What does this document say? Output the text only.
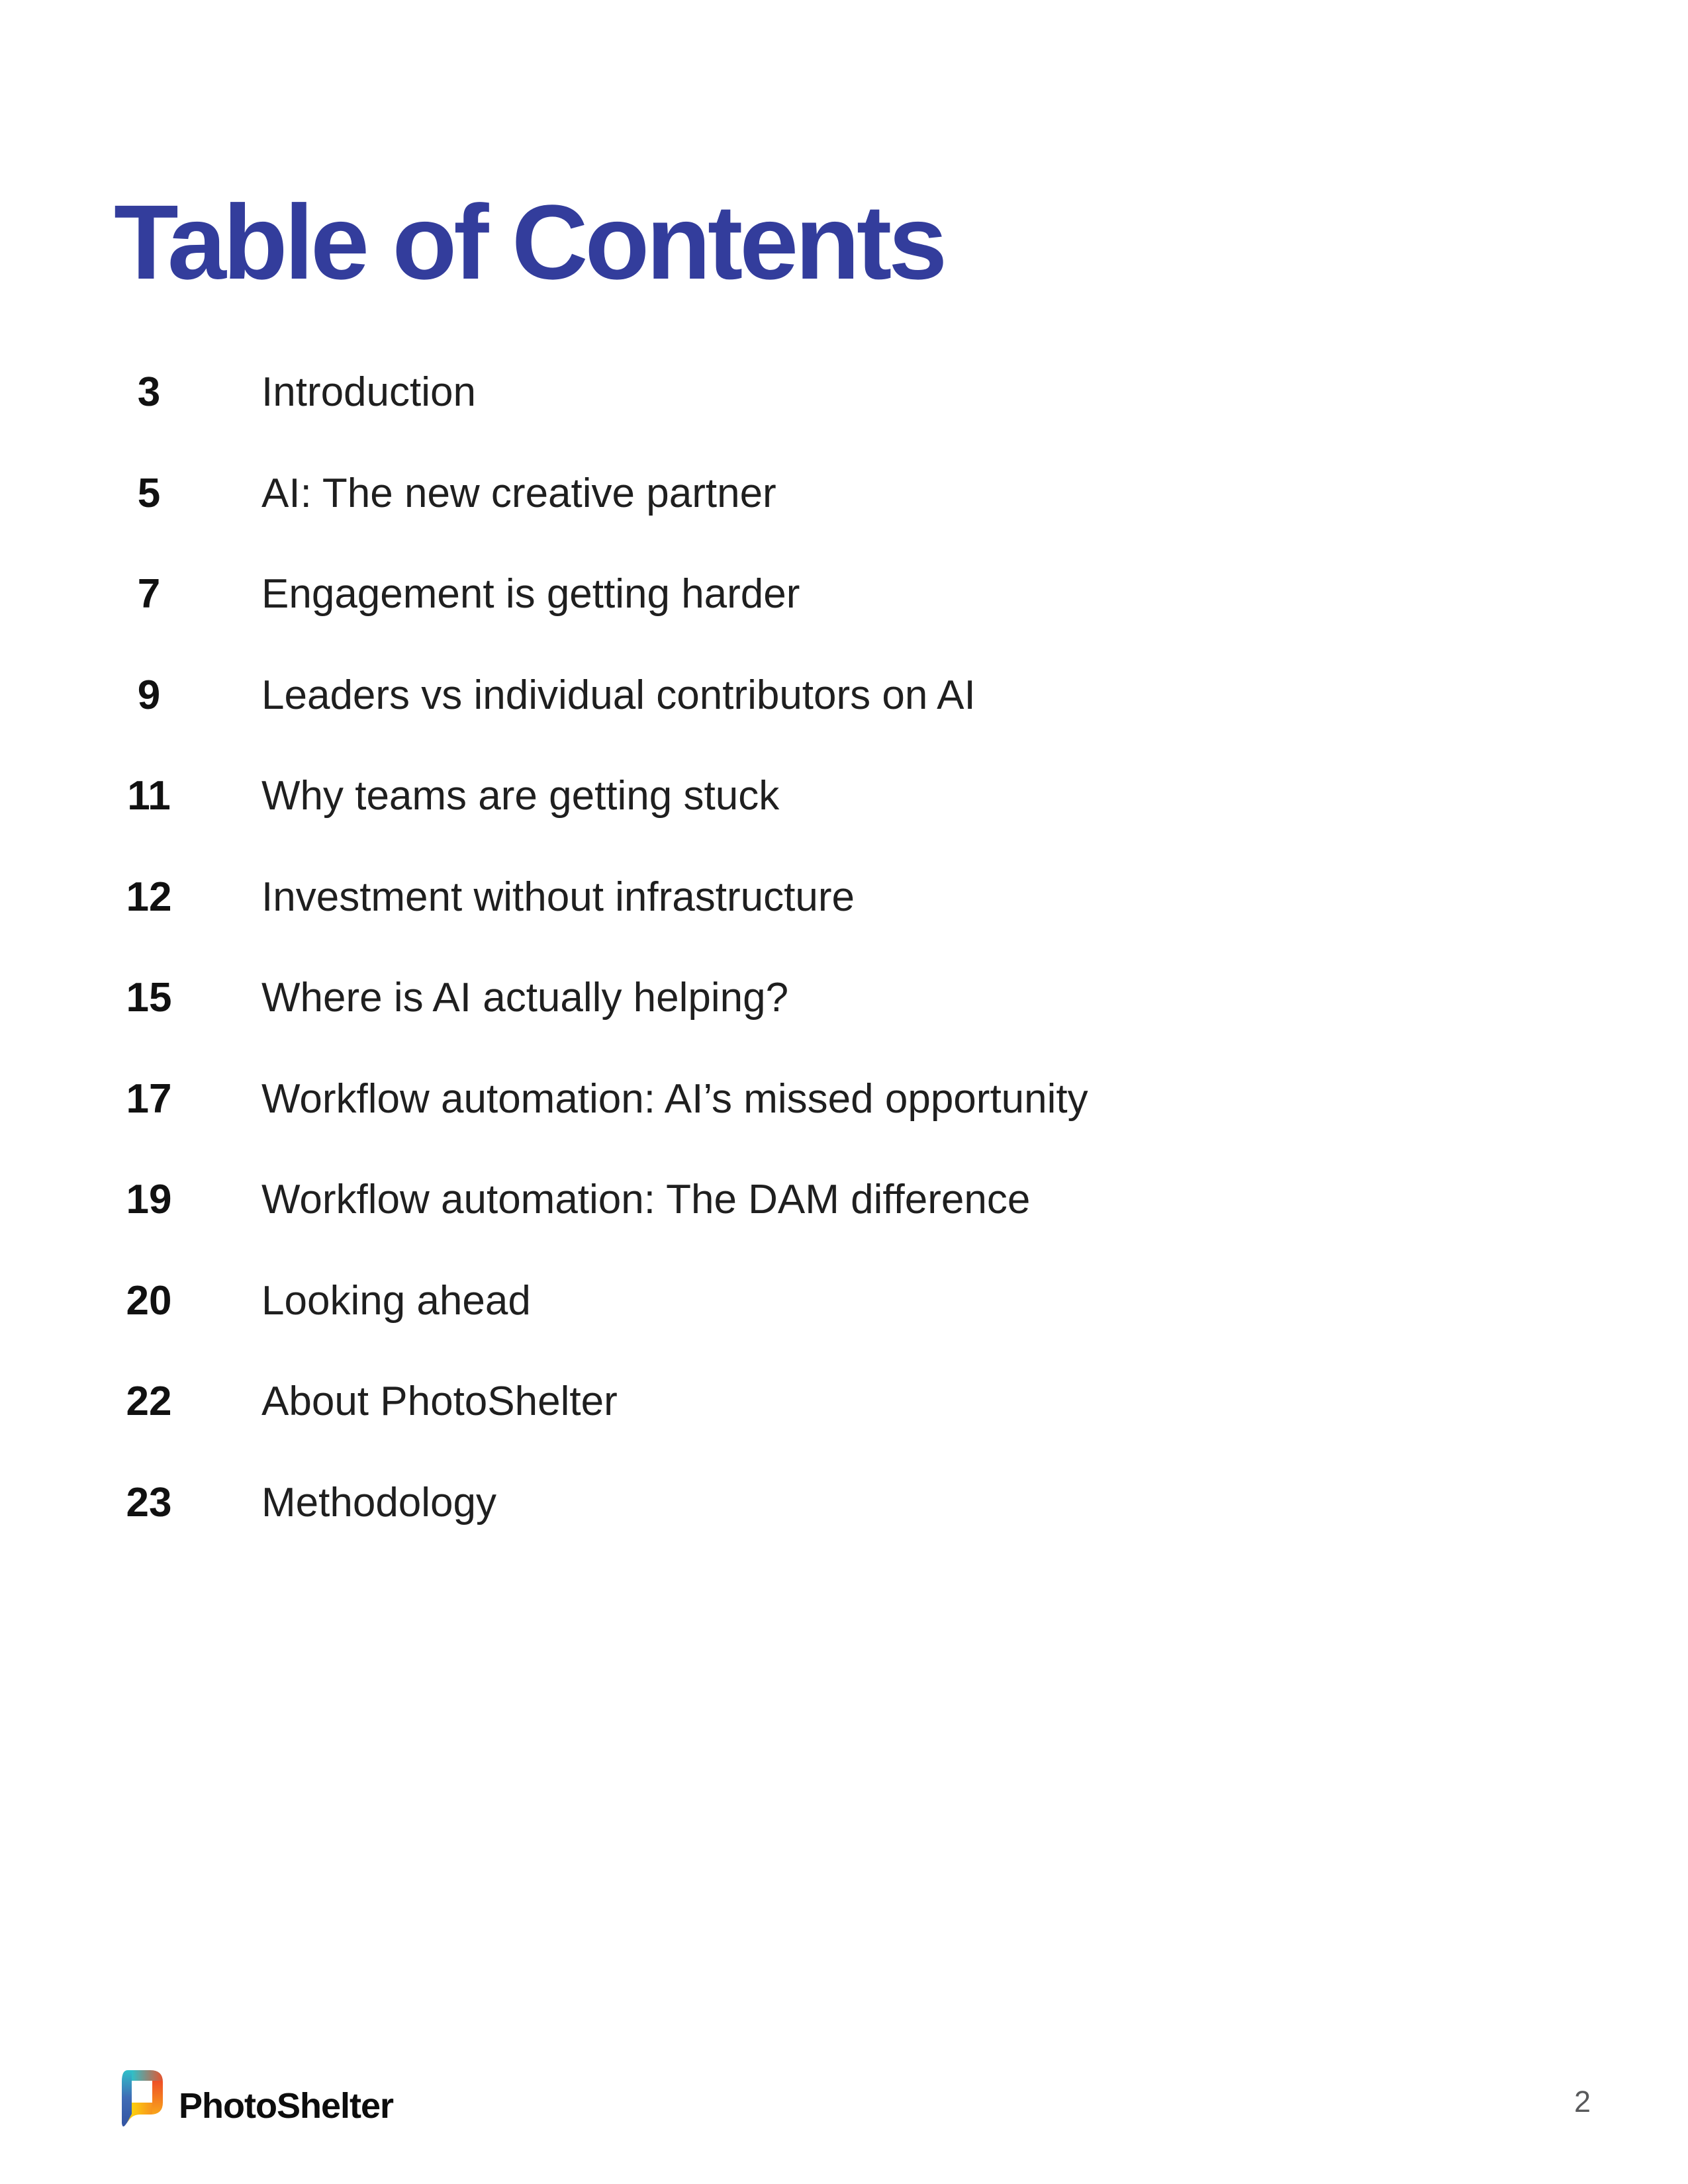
Table of Contents
3	Introduction
5	AI: The new creative partner
7	Engagement is getting harder
9	Leaders vs individual contributors on AI
11	Why teams are getting stuck
12	Investment without infrastructure
15	Where is AI actually helping?
17	Workflow automation: AI’s missed opportunity
19	Workflow automation: The DAM difference
20	Looking ahead
22	About PhotoShelter
23	Methodology
PhotoShelter	2
